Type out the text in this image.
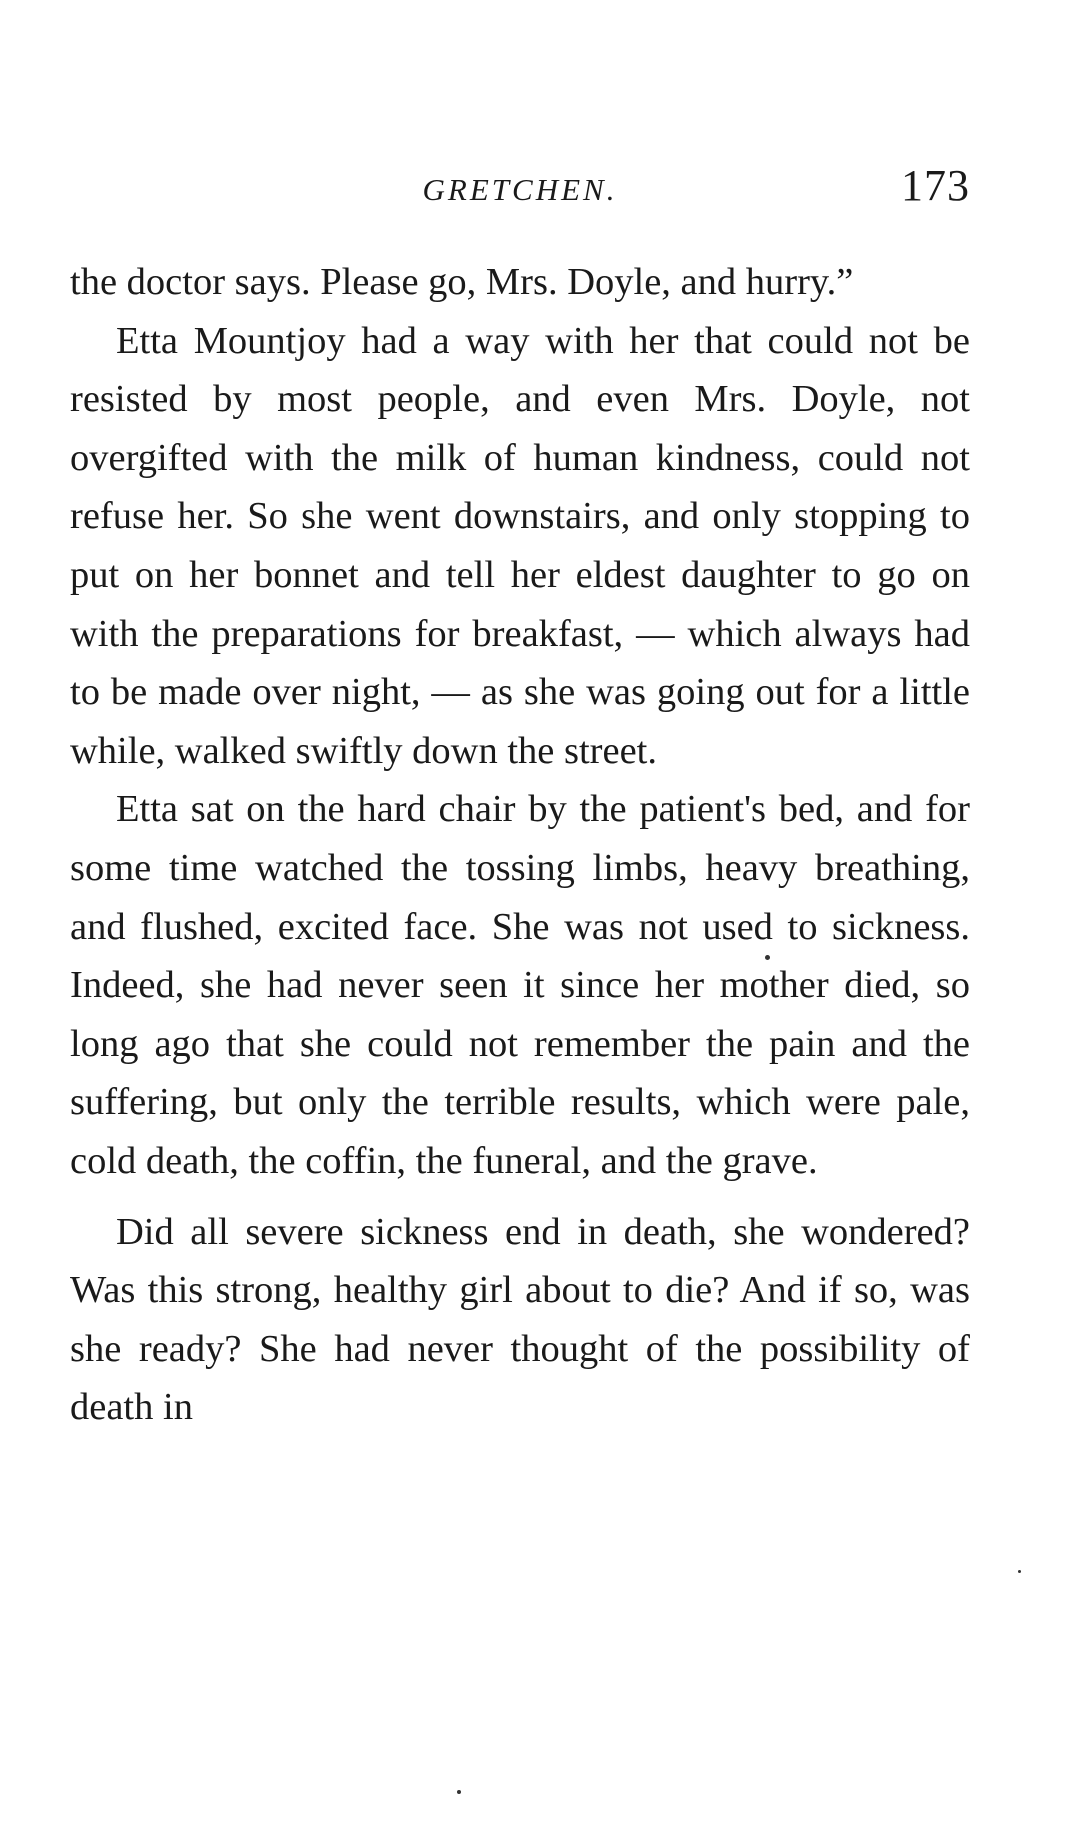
GRETCHEN.	173

the doctor says. Please go, Mrs. Doyle, and hurry.”

Etta Mountjoy had a way with her that could not be resisted by most people, and even Mrs. Doyle, not overgifted with the milk of human kindness, could not refuse her. So she went downstairs, and only stopping to put on her bonnet and tell her eldest daughter to go on with the preparations for breakfast, — which always had to be made over night, — as she was going out for a little while, walked swiftly down the street.

Etta sat on the hard chair by the patient's bed, and for some time watched the tossing limbs, heavy breathing, and flushed, excited face. She was not used to sickness. Indeed, she had never seen it since her mother died, so long ago that she could not remember the pain and the suffering, but only the terrible results, which were pale, cold death, the coffin, the funeral, and the grave.

Did all severe sickness end in death, she wondered? Was this strong, healthy girl about to die? And if so, was she ready? She had never thought of the possibility of death in
